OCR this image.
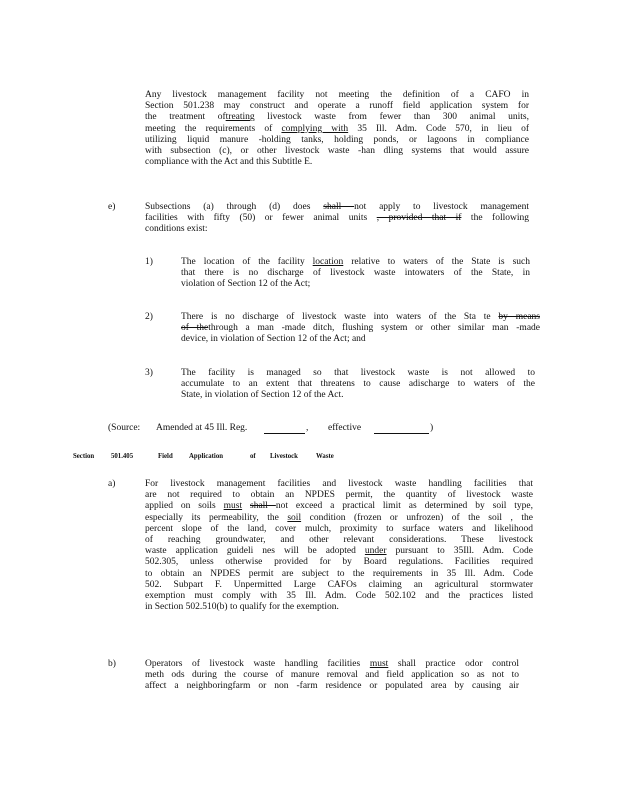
Any livestock management facility not meeting the definition of a CAFO in
Section 501.238 may construct and operate a runoff field application system for
the treatment oftreating livestock waste from fewer than 300 animal units,
meeting the requirements of complying with 35 Ill. Adm. Code 570, in lieu of
utilizing liquid manure -holding tanks, holding ponds, or lagoons in compliance
with subsection (c), or other livestock waste -han dling systems that would assure
compliance with the Act and this Subtitle E.
e)	Subsections (a) through (d) does shall not apply to livestock management
facilities with fifty (50) or fewer animal units , provided that if the following
conditions exist:
1)	The location of the facility location relative to waters of the State is such
that there is no discharge of livestock waste intowaters of the State, in
violation of Section 12 of the Act;
2)	There is no discharge of livestock waste into waters of the Sta te by means
of thethrough a man -made ditch, flushing system or other similar man -made
device, in violation of Section 12 of the Act; and
3)	The facility is managed so that livestock waste is not allowed to
accumulate to an extent that threatens to cause adischarge to waters of the
State, in violation of Section 12 of the Act.
(Source: Amended at 45 Ill. Reg.	, effective	)
Section 501.405	Field Application	of Livestock	Waste
a)	For livestock management facilities and livestock waste handling facilities that
are not required to obtain an NPDES permit, the quantity of livestock waste
applied on soils must shall not exceed a practical limit as determined by soil type,
especially its permeability, the soil condition (frozen or unfrozen) of the soil , the
percent slope of the land, cover mulch, proximity to surface waters and likelihood
of reaching groundwater, and other relevant considerations. These livestock
waste application guideli nes will be adopted under pursuant to 35Ill. Adm. Code
502.305, unless otherwise provided for by Board regulations. Facilities required
to obtain an NPDES permit are subject to the requirements in 35 Ill. Adm. Code
502. Subpart F. Unpermitted Large CAFOs claiming an agricultural stormwater
exemption must comply with 35 Ill. Adm. Code 502.102 and the practices listed
in Section 502.510(b) to qualify for the exemption.
b)	Operators of livestock waste handling facilities must shall practice odor control
meth ods during the course of manure removal and field application so as not to
affect a neighboringfarm or non -farm residence or populated area by causing air
